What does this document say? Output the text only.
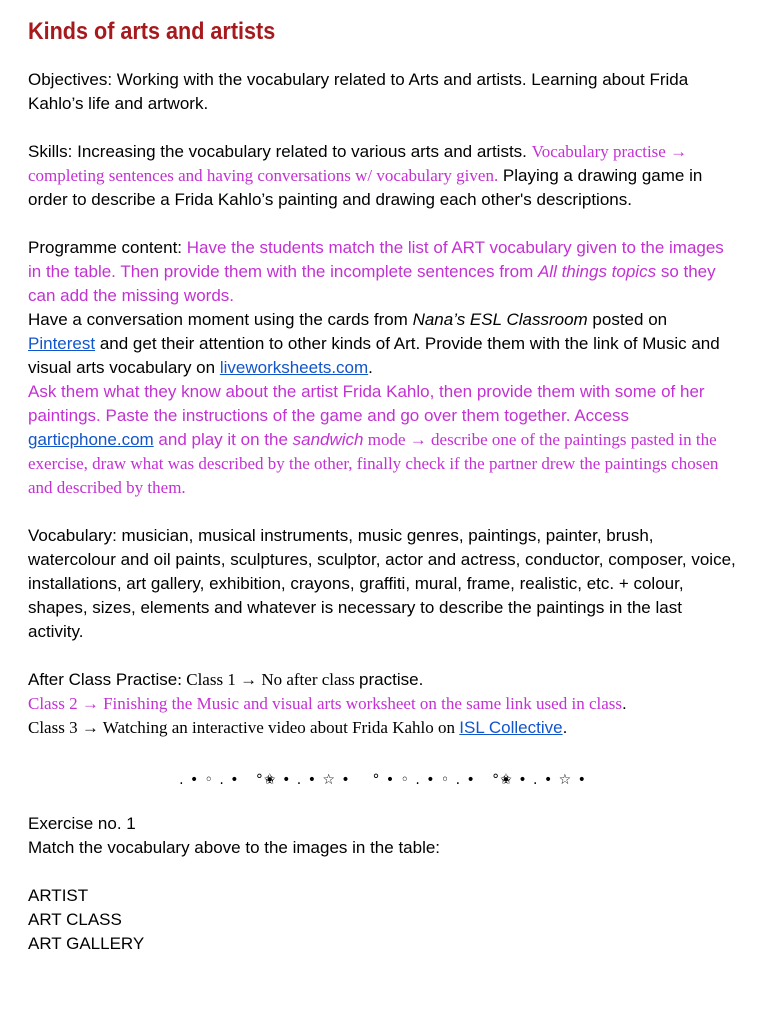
Kinds of arts and artists

Objectives: Working with the vocabulary related to Arts and artists. Learning about Frida Kahlo’s life and artwork.

Skills: Increasing the vocabulary related to various arts and artists. Vocabulary practise → completing sentences and having conversations w/ vocabulary given. Playing a drawing game in order to describe a Frida Kahlo’s painting and drawing each other's descriptions.

Programme content: Have the students match the list of ART vocabulary given to the images in the table. Then provide them with the incomplete sentences from All things topics so they can add the missing words.

Have a conversation moment using the cards from Nana’s ESL Classroom posted on Pinterest and get their attention to other kinds of Art. Provide them with the link of Music and visual arts vocabulary on liveworksheets.com.

Ask them what they know about the artist Frida Kahlo, then provide them with some of her paintings. Paste the instructions of the game and go over them together. Access garticphone.com and play it on the sandwich mode → describe one of the paintings pasted in the exercise, draw what was described by the other, finally check if the partner drew the paintings chosen and described by them.

Vocabulary: musician, musical instruments, music genres, paintings, painter, brush, watercolour and oil paints, sculptures, sculptor, actor and actress, conductor, composer, voice, installations, art gallery, exhibition, crayons, graffiti, mural, frame, realistic, etc. + colour, shapes, sizes, elements and whatever is necessary to describe the paintings in the last activity.

After Class Practise: Class 1 → No after class practise.

Class 2 → Finishing the Music and visual arts worksheet on the same link used in class.

Class 3 → Watching an interactive video about Frida Kahlo on ISL Collective.

. • ◦ . •   °✬ • . • ☆ •    ° • ◦ . • ◦ . •   °✬ • . • ☆ •

Exercise no. 1

Match the vocabulary above to the images in the table:

ARTIST

ART CLASS

ART GALLERY
